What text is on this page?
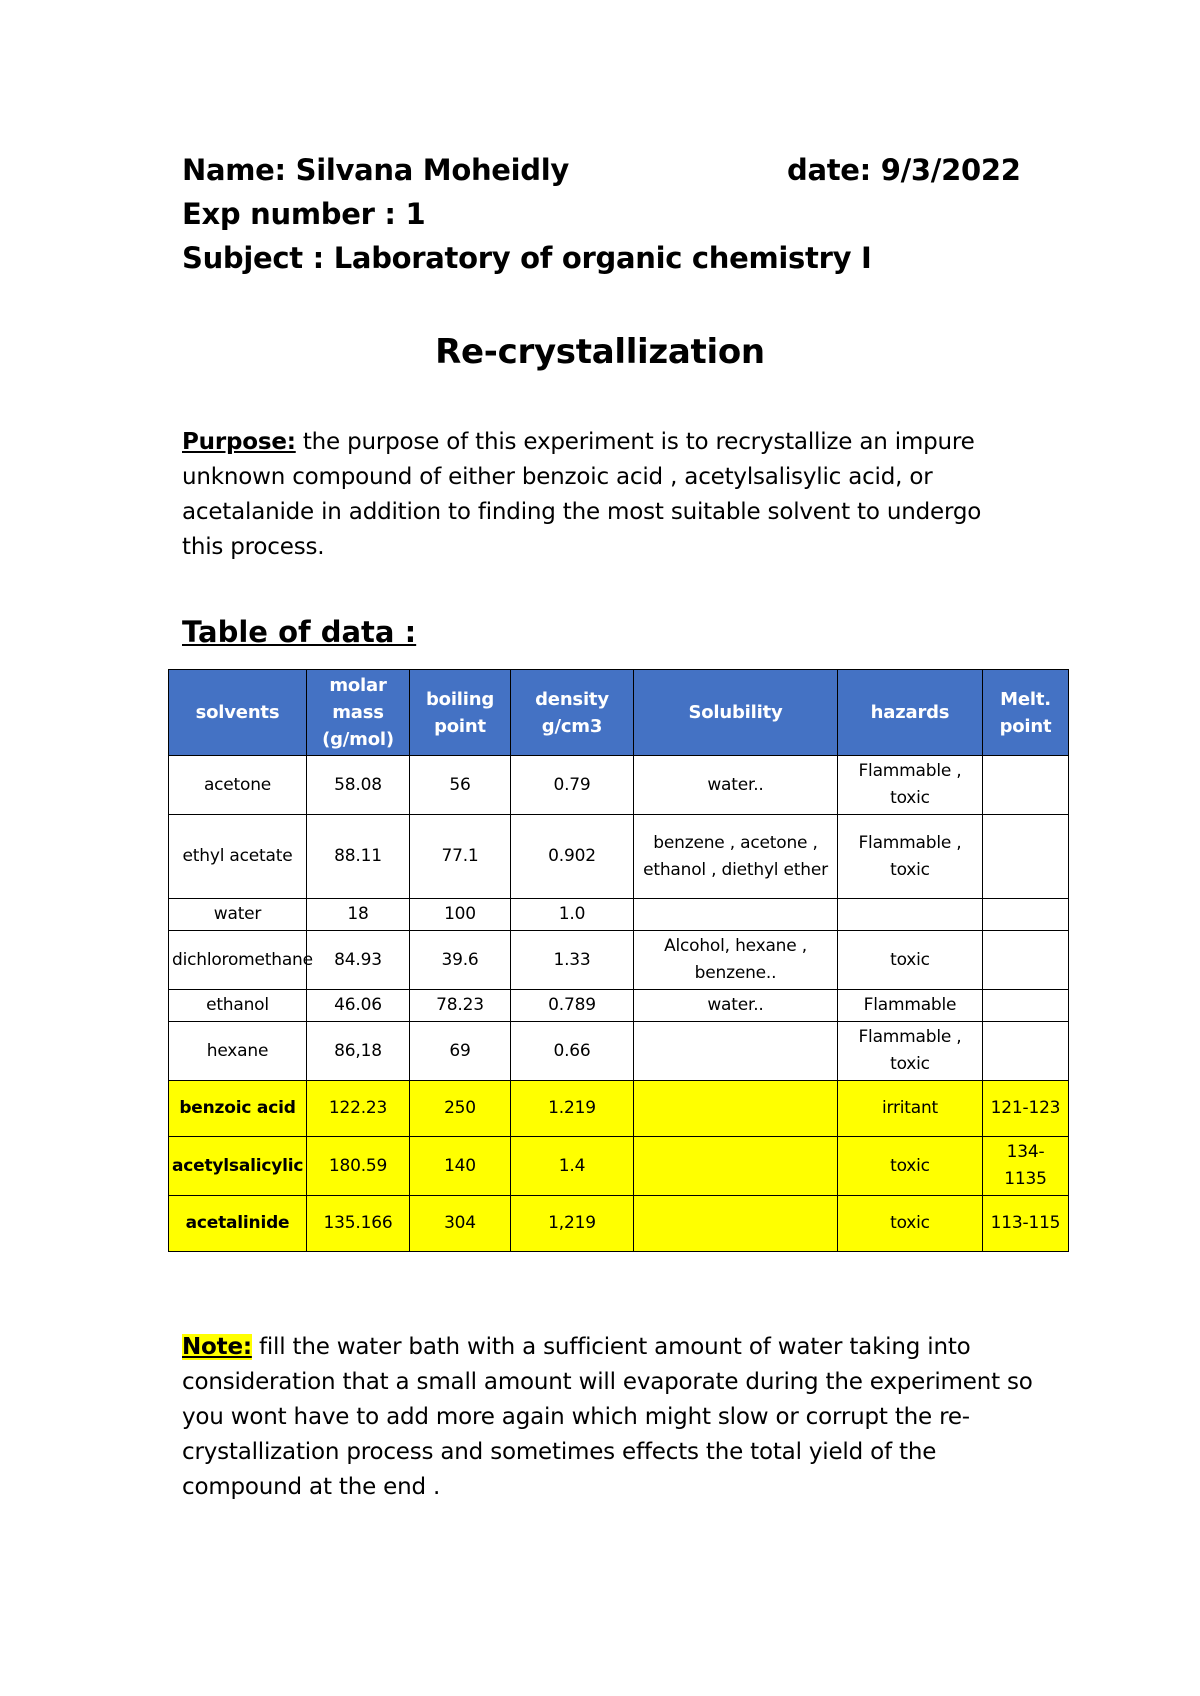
Name: Silvana Moheidly	date: 9/3/2022
Exp number : 1
Subject : Laboratory of organic chemistry I
Re-crystallization
Purpose: the purpose of this experiment is to recrystallize an impure unknown compound of either benzoic acid , acetylsalisylic acid, or acetalanide in addition to finding the most suitable solvent to undergo this process.
Table of data :
solvents	molar mass (g/mol)	boiling point	density g/cm3	Solubility	hazards	Melt. point
acetone	58.08	56	0.79	water..	Flammable , toxic	
ethyl acetate	88.11	77.1	0.902	benzene , acetone , ethanol , diethyl ether	Flammable , toxic	
water	18	100	1.0			
dichloromethane	84.93	39.6	1.33	Alcohol, hexane , benzene..	toxic	
ethanol	46.06	78.23	0.789	water..	Flammable	
hexane	86,18	69	0.66		Flammable , toxic	
benzoic acid	122.23	250	1.219		irritant	121-123
acetylsalicylic	180.59	140	1.4		toxic	134-1135
acetalinide	135.166	304	1,219		toxic	113-115
Note: fill the water bath with a sufficient amount of water taking into consideration that a small amount will evaporate during the experiment so you wont have to add more again which might slow or corrupt the re-crystallization process and sometimes effects the total yield of the compound at the end .
